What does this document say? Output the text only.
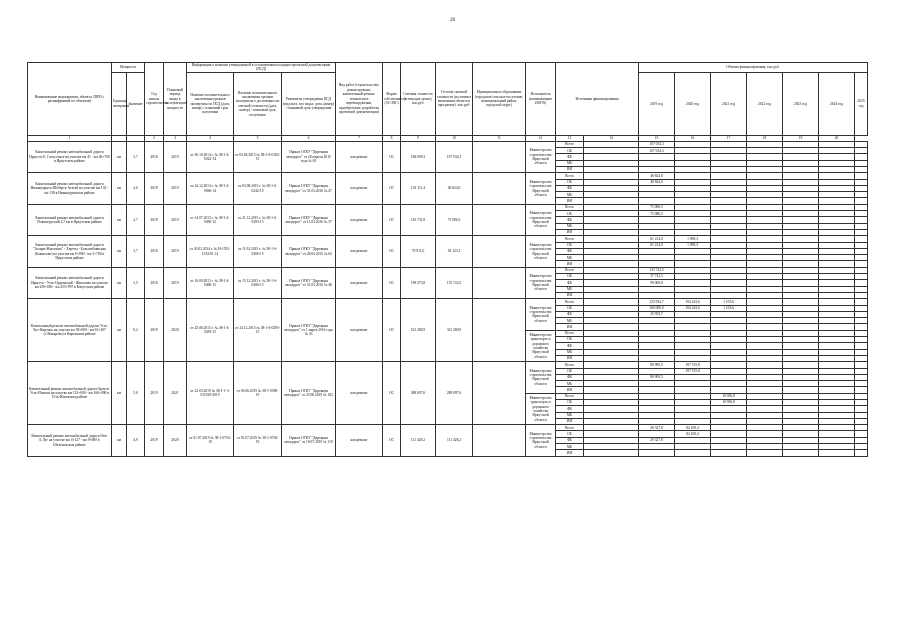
28
Наименование мероприятия, объекта, ПИР (с расшифровкой по объектам)	Мощность		Год начала строительства	Плановый период ввода в эксплуатацию/мощности	Информация о наличии утвержденной в установленном порядке проектной документации (ПСД)			Вид работ (строительство, реконструкция, капитальный ремонт, техническое перевооружение, приобретение, разработка проектной документации)	Форма собственности (ОС/МС)	Сметная стоимость (в текущих ценах), тыс.руб.	Остаток сметной стоимости (на момент включения объекта в программу), тыс.руб.	Муниципальное образование (городское/сельское поселение, муниципальный район, городской округ)	Исполнитель (наименование ИОГВ)	Источники финансирования		Объемы финансирования, тыс.руб.						
	Единица измерения	Значение			Наличие положительного заключения органов экспертизы по ПСД (дата, номер) / плановый срок получения	Наличие положительного заключения органов экспертизы о достоверности сметной стоимости (дата, номер) / плановый срок получения	Реквизиты утверждения ПСД (вид акта, кто издал, дата, номер) / плановый срок утверждения									2019 год	2020 год	2021 год	2022 год	2023 год	2024 год	2025 год

1			2	3	4	5	6	7	8	9	10	11	12	13	14	15	16	17	18	19	20	
Капитальный ремонт автомобильной дороги Иркутск-Б. Голоустное на участке км 41 - км 46+700 в Иркутском районе	км	5,7	2018	2019	от 30.10.2014 г. № 38-1-4-0322-14	от 03.04.2015 № 38-1-6-0182-15	Приказ ОГКУ "Дирекция автодорог" от 28 апреля 2015 года № 65	кап.ремонт	ОС	168 699,3	107 034,3		Министерство строительства Иркутской области	Всего		107 034,3						
														ОБ		107 034,3						
														ФБ								
														МБ								
														ИИ								
Капитальный ремонт автомобильной дороги Нижнеудинск-Шеберта-Атагай на участке км 133 - км 138 в Нижнеудинском районе	км	4,6	2018	2019	от 24.12.2014 г. № 38-1-4-0566-14	от 03.08.2015 г. № 38-1-6-0242-15	Приказ ОГКУ "Дирекция автодорог" от 31.03.2016 № 47	кап.ремонт	ОС	101 311,4	48 824,0		Министерство строительства Иркутской области	Всего		48 824,0						
														ОБ		48 824,0						
														ФБ								
														МБ								
														ИИ								
Капитальный ремонт автомобильной дороги Новомеруский 2,7 км в Иркутском районе	км	2,7	2018	2019	от 14.07.2015 г. № 38-1-4-0456-15	от 21.12.2015 г. № 38-1-6-0293-15	Приказ ОГКУ "Дирекция автодорог" от 11.03.2016 № 37	кап.ремонт	ОС	145 731,8	75 086,5		Министерство строительства Иркутской области	Всего		75 086,5						
														ОБ		75 086,5						
														ФБ								
														МБ								
														ИИ								
Капитальный ремонт автомобильной дороги "Залари-Жигалово" - Хареты - Большебаянская (Бажилово) на участке км 0+000 - км 3+700 в Иркутском районе	км	3,7	2018	2019	от 20.03.2014 г. № И-1552-1552/01.14	от 11.02.2015 г. № 38-1-6-0366-15	Приказ ОГКУ "Дирекция автодорог" от 28.04.2015 № 62	кап.ремонт	ОС	78 911,0	63 123,3		Министерство строительства Иркутской области	Всего		61 214,0	1 909,3					
														ОБ		61 214,0	1 909,3					
														ФБ								
														МБ								
														ИИ								
Капитальный ремонт автомобильной дороги Иркутск - Усть-Ордынский - Жигалово на участке км 250+000 - км 255+997 в Качугском районе	км	5,5	2018	2019	от 16.09.2015 г. № 38-1-4-0490-15	от 15.12.2015 г. № 38-1-6-0286-15	Приказ ОГКУ "Дирекция автодорог" от 31.03.2016 № 48	кап.ремонт	ОС	198 375,8	135 722,5		Министерство строительства Иркутской области	Всего		135 722,5						
														ОБ		37 722,5						
														ФБ		98 000,0						
														МБ								
														ИИ								
Капитальный ремонт автомобильной дороги Усть-Кут-Киренск на участке км 58+000 - км 63+407 (с.Макарово) в Киренском районе	км	6,2	2019	2020	от 25.06.2015 г. № 38-1-4-0439-15	от 24.12.2015 № 38-1-6-0295-15	Приказ ОГКУ "Дирекция автодорог" от 1 марта 2016 года № 33	кап.ремонт	ОС	521 280,9	321 280,9		Министерство строительства Иркутской области	Всего		125 933,7	194 243,6	1 103,6				
														ОБ		100 000,0	194 243,6	1 103,6				
														ФБ		25 933,7						
														МБ								
														ИИ								
													Министерство транспорта и дорожного хозяйства Иркутской области	Всего								
														ОБ								
														ФБ								
														МБ								
														ИИ								
Капитальный ремонт автомобильной дороги Братск-Усть-Илимск на участке км 133+000 - км 160+000 в Усть-Илимском районе	км	5,0	2019	2021	от 22.05.2019 № 38-1-1-3-011019-2019	от 03.06.2019 № 38-1-0398-19	Приказ ОГКУ "Дирекция автодорог" от 25.06.2019 № 102	кап.ремонт	ОС	288 097,6	288 097,6		Министерство строительства Иркутской области	Всего		80 995,5	197 155,8					
														ОБ			197 155,8					
														ФБ		80 995,5						
														МБ								
														ИИ								
													Министерство транспорта и дорожного хозяйства Иркутской области	Всего				10 936,8				
														ОБ				10 936,8				
														ФБ								
														МБ								
														ИИ								
Капитальный ремонт автомобильной дороги Оёк-Б.Луг на участке км 4+127 - км 9+000 в Шелеховском районе	км	4,9	2019	2020	от 01.07.2019 № 38-1-0704-19	от 01.07.2019 № 38-1-0704-19	Приказ ОГКУ "Дирекция автодорог" от 10.07.2019 № 110	кап.ремонт	ОС	111 428,2	111 428,2		Министерство строительства Иркутской области	Всего		29 327,8	82 100,4					
														ОБ			82 100,4					
														ФБ		29 327,8						
														МБ								
														ИИ								
